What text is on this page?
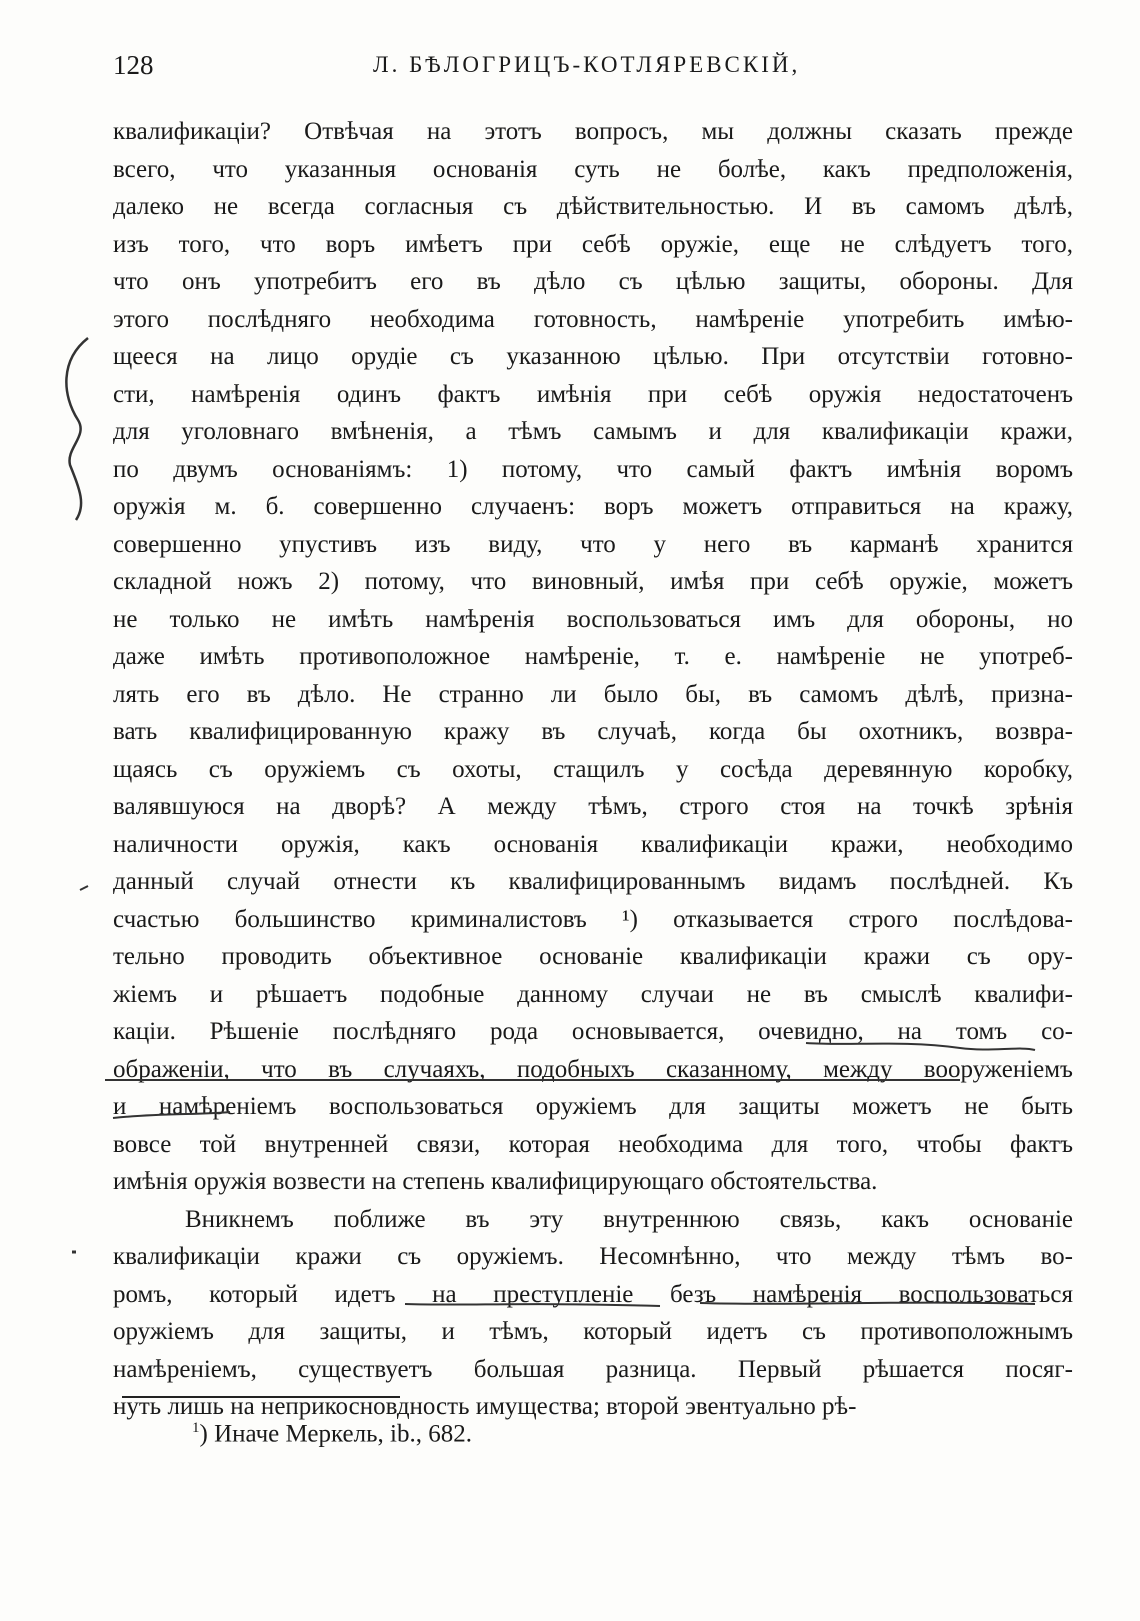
128	Л. БѢЛОГРИЦЪ-КОТЛЯРЕВСКІЙ,
квалификаціи? Отвѣчая на этотъ вопросъ, мы должны сказать прежде
всего, что указанныя основанія суть не болѣе, какъ предположенія,
далеко не всегда согласныя съ дѣйствительностью. И въ самомъ дѣлѣ,
изъ того, что воръ имѣетъ при себѣ оружіе, еще не слѣдуетъ того,
что онъ употребитъ его въ дѣло съ цѣлью защиты, обороны. Для
этого послѣдняго необходима готовность, намѣреніе употребить имѣю-
щееся на лицо орудіе съ указанною цѣлью. При отсутствіи готовно-
сти, намѣренія одинъ фактъ имѣнія при себѣ оружія недостаточенъ
для уголовнаго вмѣненія, а тѣмъ самымъ и для квалификаціи кражи,
по двумъ основаніямъ: 1) потому, что самый фактъ имѣнія воромъ
оружія м. б. совершенно случаенъ: воръ можетъ отправиться на кражу,
совершенно упустивъ изъ виду, что у него въ карманѣ хранится
складной ножъ 2) потому, что виновный, имѣя при себѣ оружіе, можетъ
не только не имѣть намѣренія воспользоваться имъ для обороны, но
даже имѣть противоположное намѣреніе, т. е. намѣреніе не употреб-
лять его въ дѣло. Не странно ли было бы, въ самомъ дѣлѣ, призна-
вать квалифицированную кражу въ случаѣ, когда бы охотникъ, возвра-
щаясь съ оружіемъ съ охоты, стащилъ у сосѣда деревянную коробку,
валявшуюся на дворѣ? А между тѣмъ, строго стоя на точкѣ зрѣнія
наличности оружія, какъ основанія квалификаціи кражи, необходимо
данный случай отнести къ квалифицированнымъ видамъ послѣдней. Къ
счастью большинство криминалистовъ ¹) отказывается строго послѣдова-
тельно проводить объективное основаніе квалификаціи кражи съ ору-
жіемъ и рѣшаетъ подобные данному случаи не въ смыслѣ квалифи-
каціи. Рѣшеніе послѣдняго рода основывается, очевидно, на томъ со-
ображеніи, что въ случаяхъ, подобныхъ сказанному, между вооруженіемъ
и намѣреніемъ воспользоваться оружіемъ для защиты можетъ не быть
вовсе той внутренней связи, которая необходима для того, чтобы фактъ
имѣнія оружія возвести на степень квалифицирующаго обстоятельства.
Вникнемъ поближе въ эту внутреннюю связь, какъ основаніе
квалификаціи кражи съ оружіемъ. Несомнѣнно, что между тѣмъ во-
ромъ, который идетъ на преступленіе безъ намѣренія воспользоваться
оружіемъ для защиты, и тѣмъ, который идетъ съ противоположнымъ
намѣреніемъ, существуетъ большая разница. Первый рѣшается посяг-
нуть лишь на неприкосновдность имущества; второй эвентуально рѣ-
$^1$) Иначе Меркель, ib., 682.
